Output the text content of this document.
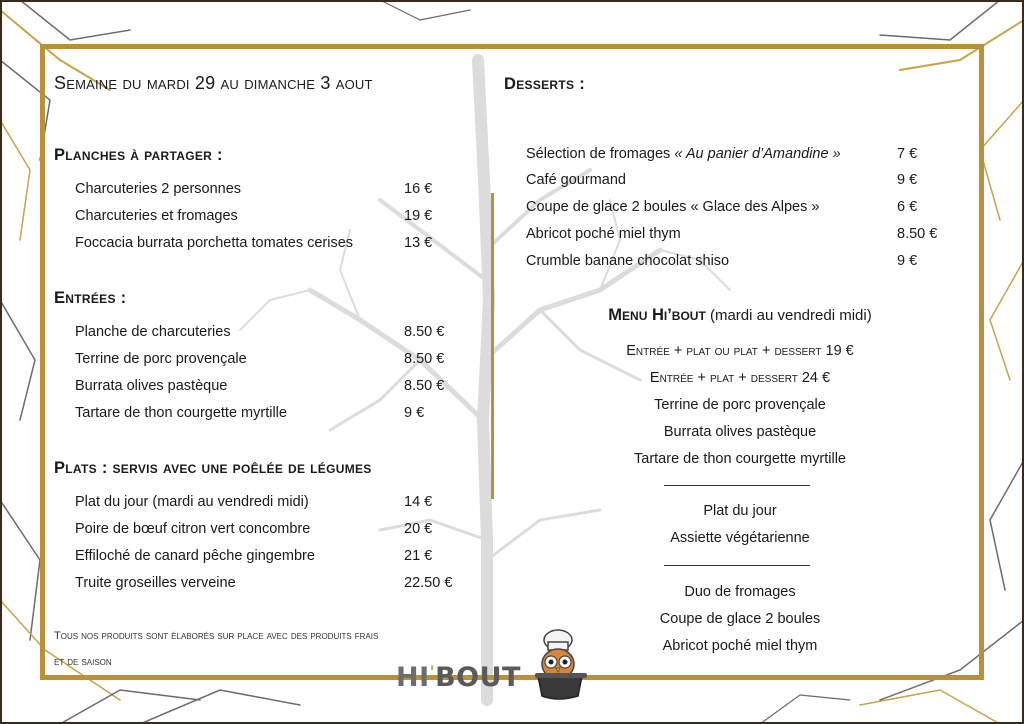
Semaine du mardi 29 au dimanche 3 aout
Planches à partager :
Charcuteries 2 personnes	16 €
Charcuteries et fromages	19 €
Foccacia burrata porchetta tomates cerises	13 €
Entrées :
Planche de charcuteries	8.50 €
Terrine de porc provençale	8.50 €
Burrata olives pastèque	8.50 €
Tartare de thon courgette myrtille	9 €
Plats : servis avec une poêlée de légumes
Plat du jour (mardi au vendredi midi)	14 €
Poire de bœuf citron vert concombre	20 €
Effiloché de canard pêche gingembre	21 €
Truite groseilles verveine	22.50 €
Tous nos produits sont élaborés sur place avec des produits frais
et de saison
Desserts :
Sélection de fromages « Au panier d’Amandine »	7 €
Café gourmand	9 €
Coupe de glace 2 boules « Glace des Alpes »	6 €
Abricot poché miel thym	8.50 €
Crumble banane chocolat shiso	9 €
Menu Hi’bout (mardi au vendredi midi)
Entrée + plat ou plat + dessert 19 €
Entrée + plat + dessert 24 €
Terrine de porc provençale
Burrata olives pastèque
Tartare de thon courgette myrtille
Plat du jour
Assiette végétarienne
Duo de fromages
Coupe de glace 2 boules
Abricot poché miel thym
HI'BOUT
